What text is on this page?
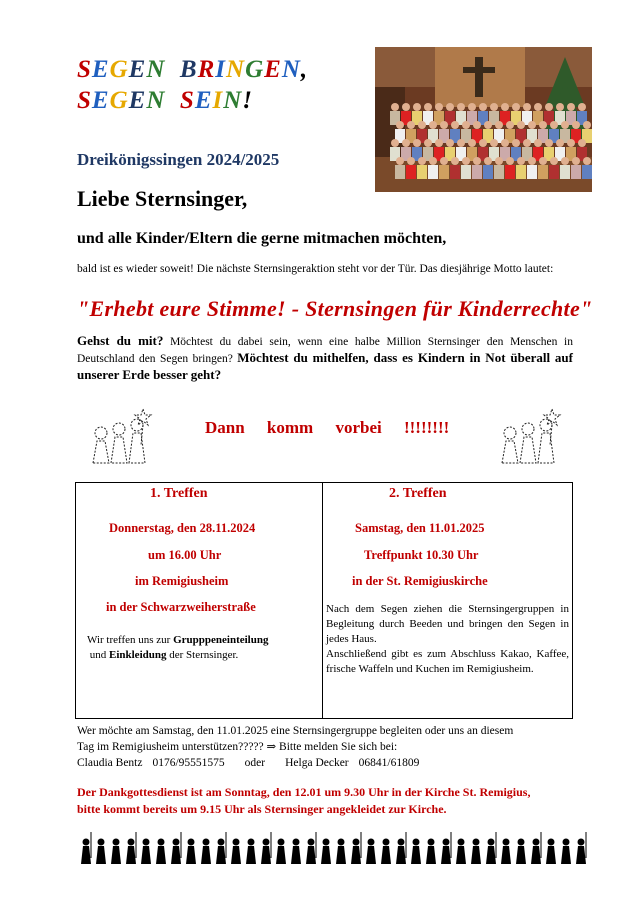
SEGEN BRINGEN,
SEGEN SEIN!
Dreikönigssingen 2024/2025
Liebe Sternsinger,
und alle Kinder/Eltern die gerne mitmachen möchten,
bald ist es wieder soweit! Die nächste Sternsingeraktion steht vor der Tür. Das diesjährige Motto lautet:
"Erhebt eure Stimme! - Sternsingen für Kinderrechte"
Gehst du mit? Möchtest du dabei sein, wenn eine halbe Million Sternsinger den Menschen in Deutschland den Segen bringen? Möchtest du mithelfen, dass es Kindern in Not überall auf unserer Erde besser geht?
Dann komm vorbei !!!!!!!!
1. Treffen
Donnerstag, den 28.11.2024
um 16.00 Uhr
im Remigiusheim
in der Schwarzweiherstraße
Wir treffen uns zur Grupppeneinteilung
und Einkleidung der Sternsinger.
2. Treffen
Samstag, den 11.01.2025
Treffpunkt 10.30 Uhr
in der St. Remigiuskirche
Nach dem Segen ziehen die Sternsingergruppen in Begleitung durch Beeden und bringen den Segen in jedes Haus.
Anschließend gibt es zum Abschluss Kakao, Kaffee, frische Waffeln und Kuchen im Remigiusheim.
Wer möchte am Samstag, den 11.01.2025 eine Sternsingergruppe begleiten oder uns an diesem
Tag im Remigiusheim unterstützen????? ⇒ Bitte melden Sie sich bei:
Claudia Bentz 0176/95551575 oder Helga Decker 06841/61809
Der Dankgottesdienst ist am Sonntag, den 12.01 um 9.30 Uhr in der Kirche St. Remigius,
bitte kommt bereits um 9.15 Uhr als Sternsinger angekleidet zur Kirche.
